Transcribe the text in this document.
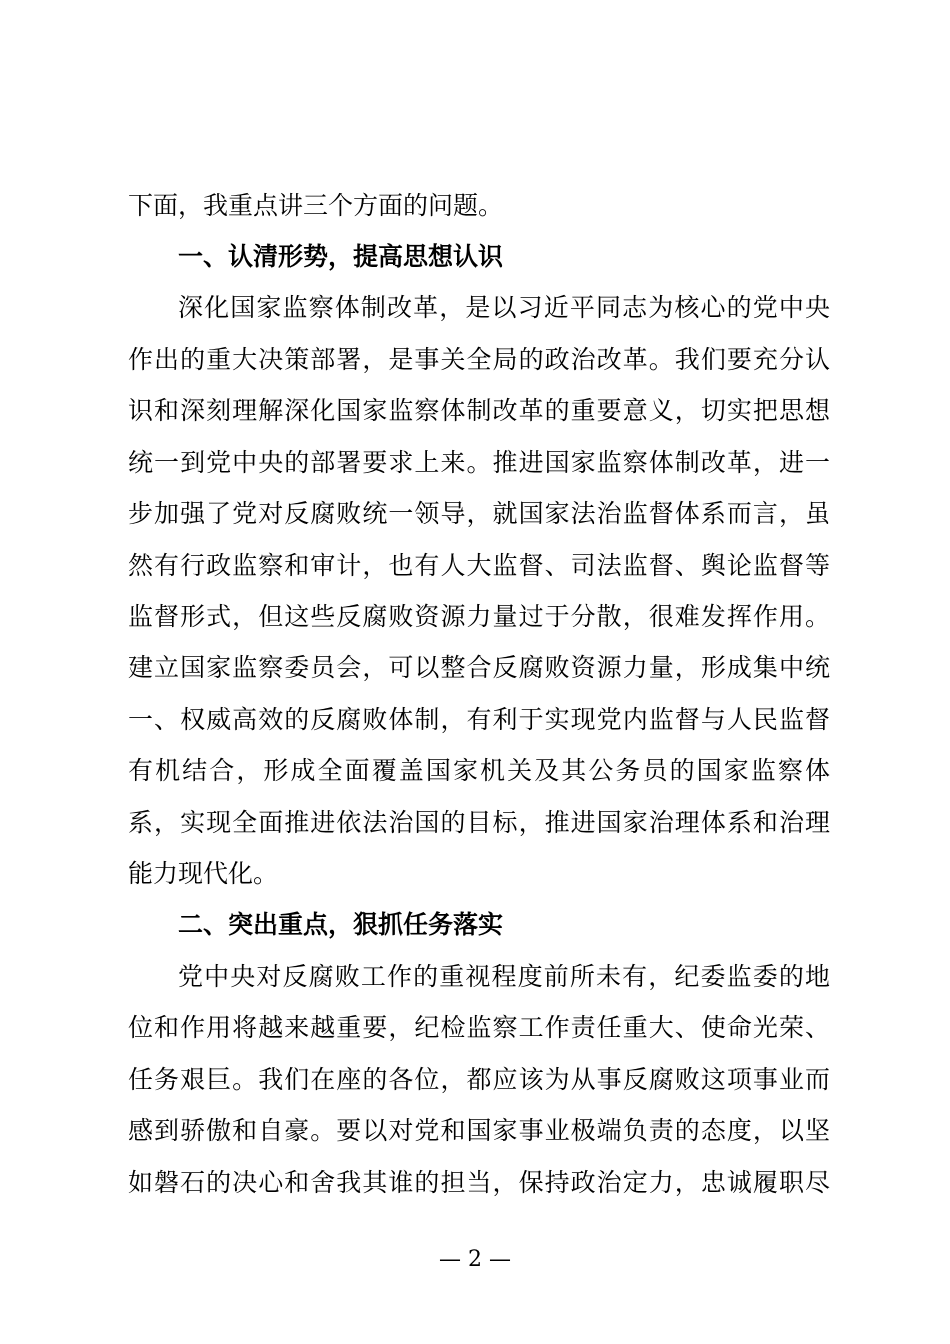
下面，我重点讲三个方面的问题。
一、认清形势，提高思想认识
深化国家监察体制改革，是以习近平同志为核心的党中央
作出的重大决策部署，是事关全局的政治改革。我们要充分认
识和深刻理解深化国家监察体制改革的重要意义，切实把思想
统一到党中央的部署要求上来。推进国家监察体制改革，进一
步加强了党对反腐败统一领导，就国家法治监督体系而言，虽
然有行政监察和审计，也有人大监督、司法监督、舆论监督等
监督形式，但这些反腐败资源力量过于分散，很难发挥作用。
建立国家监察委员会，可以整合反腐败资源力量，形成集中统
一、权威高效的反腐败体制，有利于实现党内监督与人民监督
有机结合，形成全面覆盖国家机关及其公务员的国家监察体
系，实现全面推进依法治国的目标，推进国家治理体系和治理
能力现代化。
二、突出重点，狠抓任务落实
党中央对反腐败工作的重视程度前所未有，纪委监委的地
位和作用将越来越重要，纪检监察工作责任重大、使命光荣、
任务艰巨。我们在座的各位，都应该为从事反腐败这项事业而
感到骄傲和自豪。要以对党和国家事业极端负责的态度，以坚
如磐石的决心和舍我其谁的担当，保持政治定力，忠诚履职尽
— 2 —
